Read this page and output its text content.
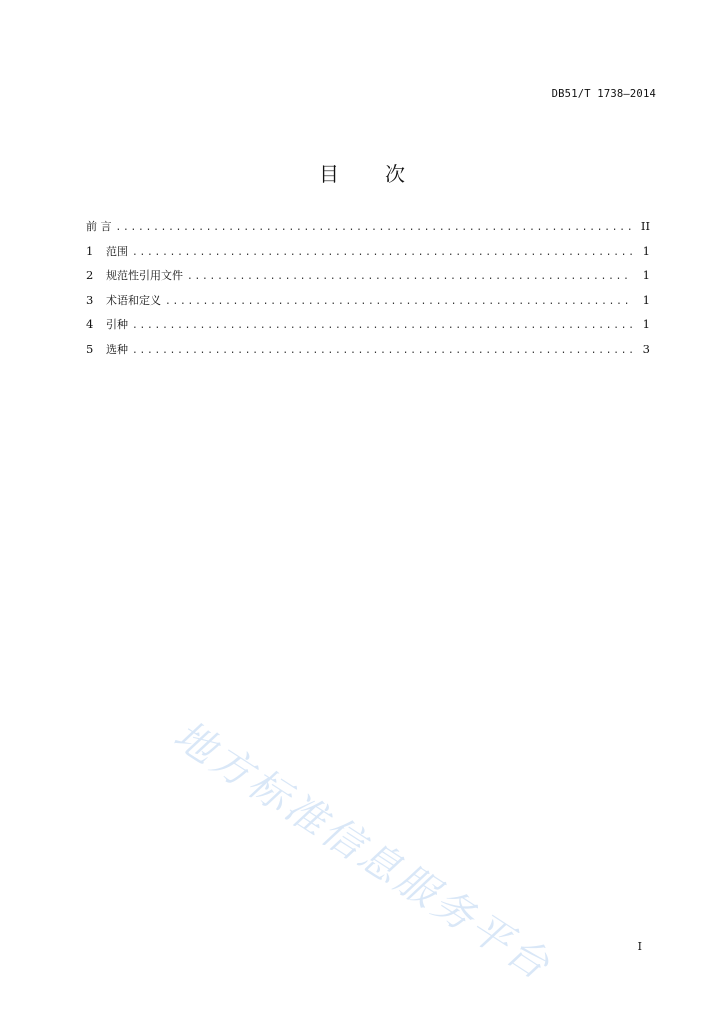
DB51/T 1738—2014
目 次
前 言 .....	II
1	范围 .....	1
2	规范性引用文件 .....	1
3	术语和定义 .....	1
4	引种 .....	1
5	选种 .....	3
地方标准信息服务平台	I
